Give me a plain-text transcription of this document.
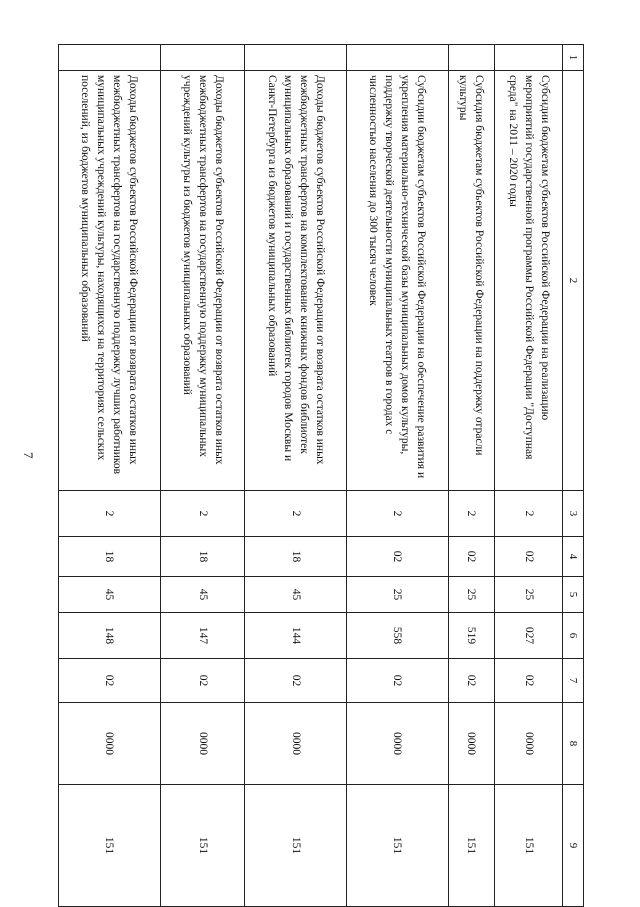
7
1	2	3	4	5	6	7	8	9
	Субсидии бюджетам субъектов Российской Федерации на реализацию мероприятий государственной программы Российской Федерации "Доступная среда" на 2011 – 2020 годы	2	02	25	027	02	0000	151
	Субсидия бюджетам субъектов Российской Федерации на поддержку отрасли культуры	2	02	25	519	02	0000	151
	Субсидии бюджетам субъектов Российской Федерации на обеспечение развития и укрепления материально-технической базы муниципальных домов культуры, поддержку творческой деятельности муниципальных театров в городах с численностью населения до 300 тысяч человек	2	02	25	558	02	0000	151
	Доходы бюджетов субъектов Российской Федерации от возврата остатков иных межбюджетных трансфертов на комплектование книжных фондов библиотек муниципальных образований и государственных библиотек городов Москвы и Санкт-Петербурга из бюджетов муниципальных образований	2	18	45	144	02	0000	151
	Доходы бюджетов субъектов Российской Федерации от возврата остатков иных межбюджетных трансфертов на государственную поддержку муниципальных учреждений культуры из бюджетов муниципальных образований	2	18	45	147	02	0000	151
	Доходы бюджетов субъектов Российской Федерации от возврата остатков иных межбюджетных трансфертов на государственную поддержку лучших работников муниципальных учреждений культуры, находящихся на территориях сельских поселений, из бюджетов муниципальных образований	2	18	45	148	02	0000	151
